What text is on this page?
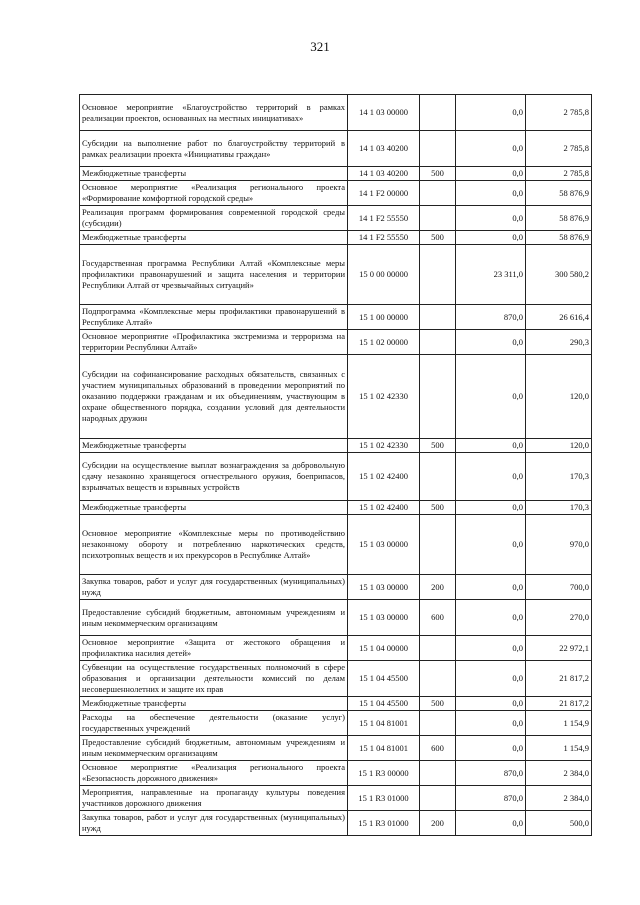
321
Основное мероприятие «Благоустройство территорий в рамках реализации проектов, основанных на местных инициативах»	14 1 03 00000		0,0	2 785,8
Субсидии на выполнение работ по благоустройству территорий в рамках реализации проекта «Инициативы граждан»	14 1 03 40200		0,0	2 785,8
Межбюджетные трансферты	14 1 03 40200	500	0,0	2 785,8
Основное мероприятие «Реализация регионального проекта «Формирование комфортной городской среды»	14 1 F2 00000		0,0	58 876,9
Реализация программ формирования современной городской среды (субсидии)	14 1 F2 55550		0,0	58 876,9
Межбюджетные трансферты	14 1 F2 55550	500	0,0	58 876,9
Государственная программа Республики Алтай «Комплексные меры профилактики правонарушений и защита населения и территории Республики Алтай от чрезвычайных ситуаций»	15 0 00 00000		23 311,0	300 580,2
Подпрограмма «Комплексные меры профилактики правонарушений в Республике Алтай»	15 1 00 00000		870,0	26 616,4
Основное мероприятие «Профилактика экстремизма и терроризма на территории Республики Алтай»	15 1 02 00000		0,0	290,3
Субсидии на софинансирование расходных обязательств, связанных с участием муниципальных образований в проведении мероприятий по оказанию поддержки гражданам и их объединениям, участвующим в охране общественного порядка, создании условий для деятельности народных дружин	15 1 02 42330		0,0	120,0
Межбюджетные трансферты	15 1 02 42330	500	0,0	120,0
Субсидии на осуществление выплат вознаграждения за добровольную сдачу незаконно хранящегося огнестрельного оружия, боеприпасов, взрывчатых веществ и взрывных устройств	15 1 02 42400		0,0	170,3
Межбюджетные трансферты	15 1 02 42400	500	0,0	170,3
Основное мероприятие «Комплексные меры по противодействию незаконному обороту и потреблению наркотических средств, психотропных веществ и их прекурсоров в Республике Алтай»	15 1 03 00000		0,0	970,0
Закупка товаров, работ и услуг для государственных (муниципальных) нужд	15 1 03 00000	200	0,0	700,0
Предоставление субсидий бюджетным, автономным учреждениям и иным некоммерческим организациям	15 1 03 00000	600	0,0	270,0
Основное мероприятие «Защита от жестокого обращения и профилактика насилия детей»	15 1 04 00000		0,0	22 972,1
Субвенции на осуществление государственных полномочий в сфере образования и организации деятельности комиссий по делам несовершеннолетних и защите их прав	15 1 04 45500		0,0	21 817,2
Межбюджетные трансферты	15 1 04 45500	500	0,0	21 817,2
Расходы на обеспечение деятельности (оказание услуг) государственных учреждений	15 1 04 81001		0,0	1 154,9
Предоставление субсидий бюджетным, автономным учреждениям и иным некоммерческим организациям	15 1 04 81001	600	0,0	1 154,9
Основное мероприятие «Реализация регионального проекта «Безопасность дорожного движения»	15 1 R3 00000		870,0	2 384,0
Мероприятия, направленные на пропаганду культуры поведения участников дорожного движения	15 1 R3 01000		870,0	2 384,0
Закупка товаров, работ и услуг для государственных (муниципальных) нужд	15 1 R3 01000	200	0,0	500,0
